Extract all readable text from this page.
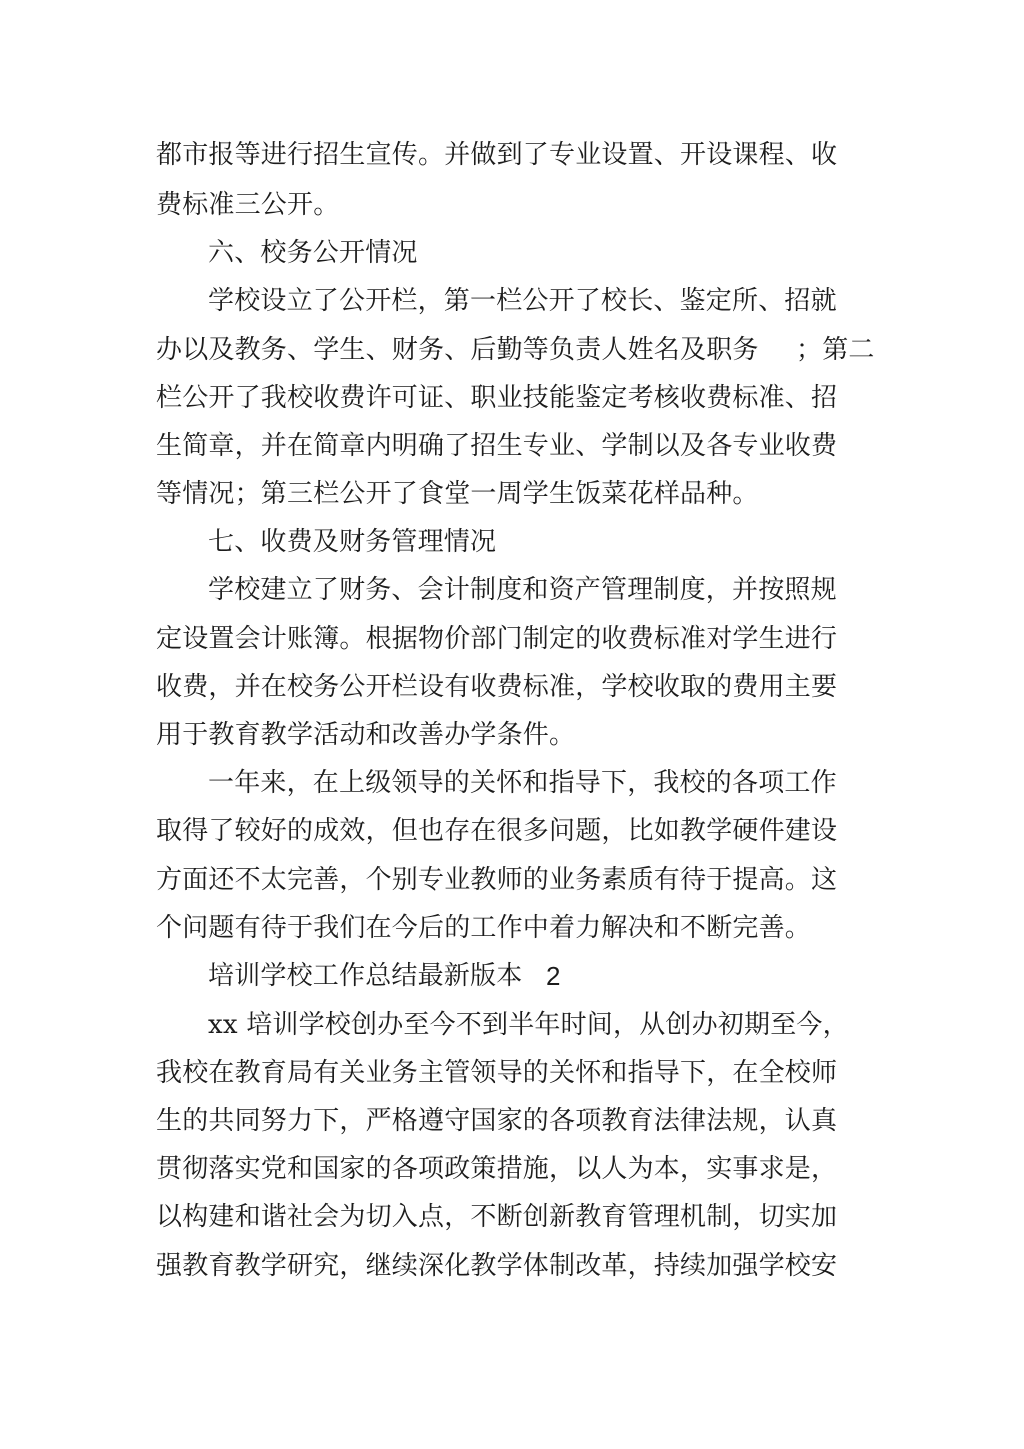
都市报等进行招生宣传。并做到了专业设置、开设课程、收
费标准三公开。
六、校务公开情况
学校设立了公开栏，第一栏公开了校长、鉴定所、招就
办以及教务、学生、财务、后勤等负责人姓名及职务 ；第二
栏公开了我校收费许可证、职业技能鉴定考核收费标准、招
生简章，并在简章内明确了招生专业、学制以及各专业收费
等情况；第三栏公开了食堂一周学生饭菜花样品种。
七、收费及财务管理情况
学校建立了财务、会计制度和资产管理制度，并按照规
定设置会计账簿。根据物价部门制定的收费标准对学生进行
收费，并在校务公开栏设有收费标准，学校收取的费用主要
用于教育教学活动和改善办学条件。
一年来，在上级领导的关怀和指导下，我校的各项工作
取得了较好的成效，但也存在很多问题，比如教学硬件建设
方面还不太完善，个别专业教师的业务素质有待于提高。这
个问题有待于我们在今后的工作中着力解决和不断完善。
培训学校工作总结最新版本 2
xx 培训学校创办至今不到半年时间，从创办初期至今，
我校在教育局有关业务主管领导的关怀和指导下，在全校师
生的共同努力下，严格遵守国家的各项教育法律法规，认真
贯彻落实党和国家的各项政策措施，以人为本，实事求是，
以构建和谐社会为切入点，不断创新教育管理机制，切实加
强教育教学研究，继续深化教学体制改革，持续加强学校安
